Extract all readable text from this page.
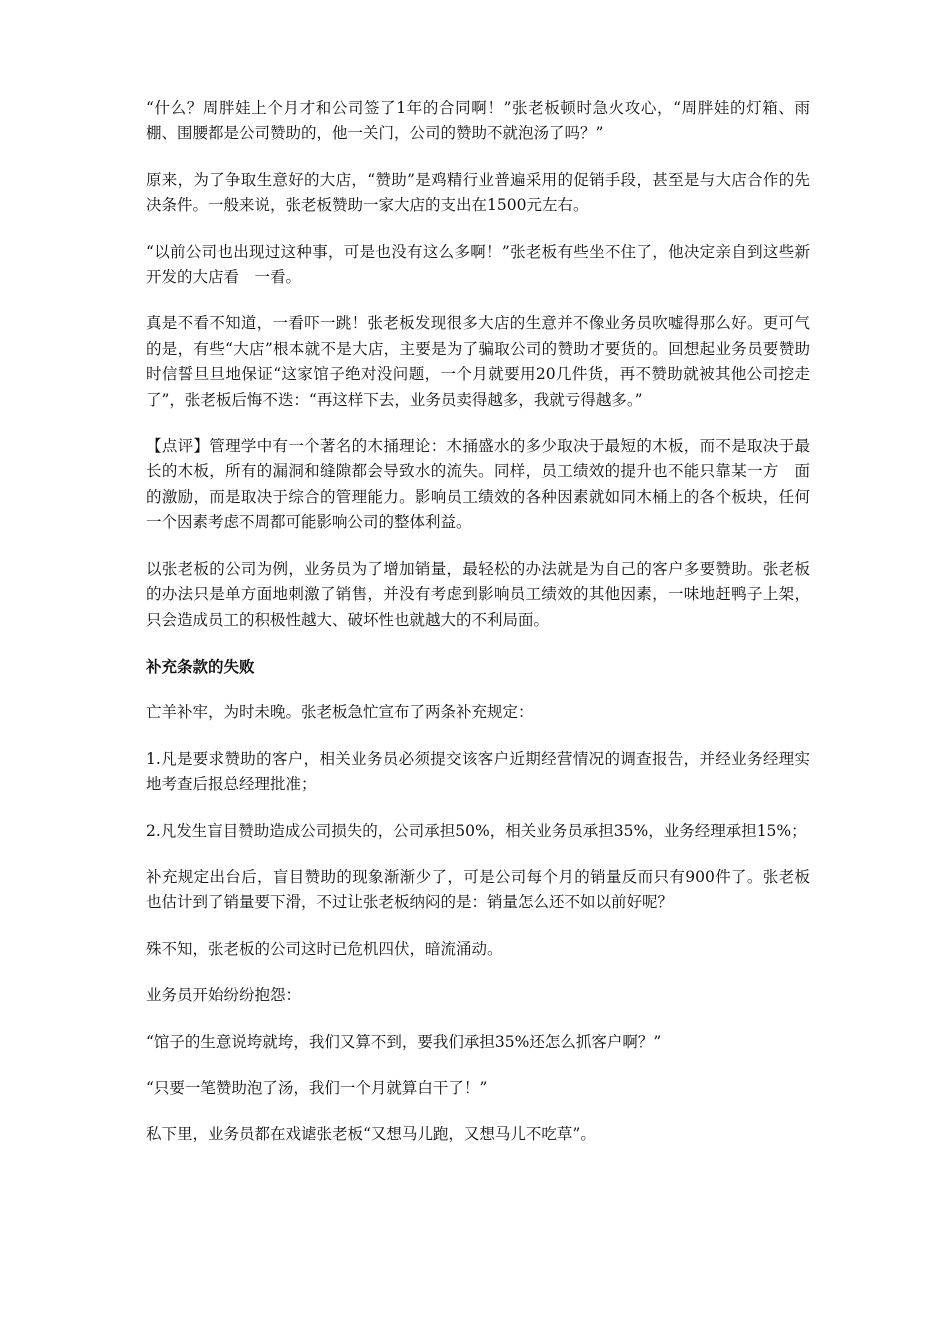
“什么？周胖娃上个月才和公司签了1年的合同啊！”张老板顿时急火攻心，“周胖娃的灯箱、雨棚、围腰都是公司赞助的，他一关门，公司的赞助不就泡汤了吗？”

原来，为了争取生意好的大店，“赞助”是鸡精行业普遍采用的促销手段，甚至是与大店合作的先决条件。一般来说，张老板赞助一家大店的支出在1500元左右。

“以前公司也出现过这种事，可是也没有这么多啊！”张老板有些坐不住了，他决定亲自到这些新开发的大店看　一看。

真是不看不知道，一看吓一跳！张老板发现很多大店的生意并不像业务员吹嘘得那么好。更可气的是，有些“大店”根本就不是大店，主要是为了骗取公司的赞助才要货的。回想起业务员要赞助时信誓旦旦地保证“这家馆子绝对没问题，一个月就要用20几件货，再不赞助就被其他公司挖走了”，张老板后悔不迭：“再这样下去，业务员卖得越多，我就亏得越多。”

【点评】管理学中有一个著名的木捅理论：木捅盛水的多少取决于最短的木板，而不是取决于最长的木板，所有的漏洞和缝隙都会导致水的流失。同样，员工绩效的提升也不能只靠某一方　面的激励，而是取决于综合的管理能力。影响员工绩效的各种因素就如同木桶上的各个板块，任何一个因素考虑不周都可能影响公司的整体利益。

以张老板的公司为例，业务员为了增加销量，最轻松的办法就是为自己的客户多要赞助。张老板的办法只是单方面地刺激了销售，并没有考虑到影响员工绩效的其他因素，一味地赶鸭子上架，只会造成员工的积极性越大、破坏性也就越大的不利局面。

补充条款的失败

亡羊补牢，为时未晚。张老板急忙宣布了两条补充规定：

1.凡是要求赞助的客户，相关业务员必须提交该客户近期经营情况的调查报告，并经业务经理实地考查后报总经理批准；

2.凡发生盲目赞助造成公司损失的，公司承担50%，相关业务员承担35%，业务经理承担15%；

补充规定出台后，盲目赞助的现象渐渐少了，可是公司每个月的销量反而只有900件了。张老板也估计到了销量要下滑，不过让张老板纳闷的是：销量怎么还不如以前好呢？

殊不知，张老板的公司这时已危机四伏，暗流涌动。

业务员开始纷纷抱怨：

“馆子的生意说垮就垮，我们又算不到，要我们承担35%还怎么抓客户啊？”

“只要一笔赞助泡了汤，我们一个月就算白干了！”

私下里，业务员都在戏谑张老板“又想马儿跑，又想马儿不吃草”。
